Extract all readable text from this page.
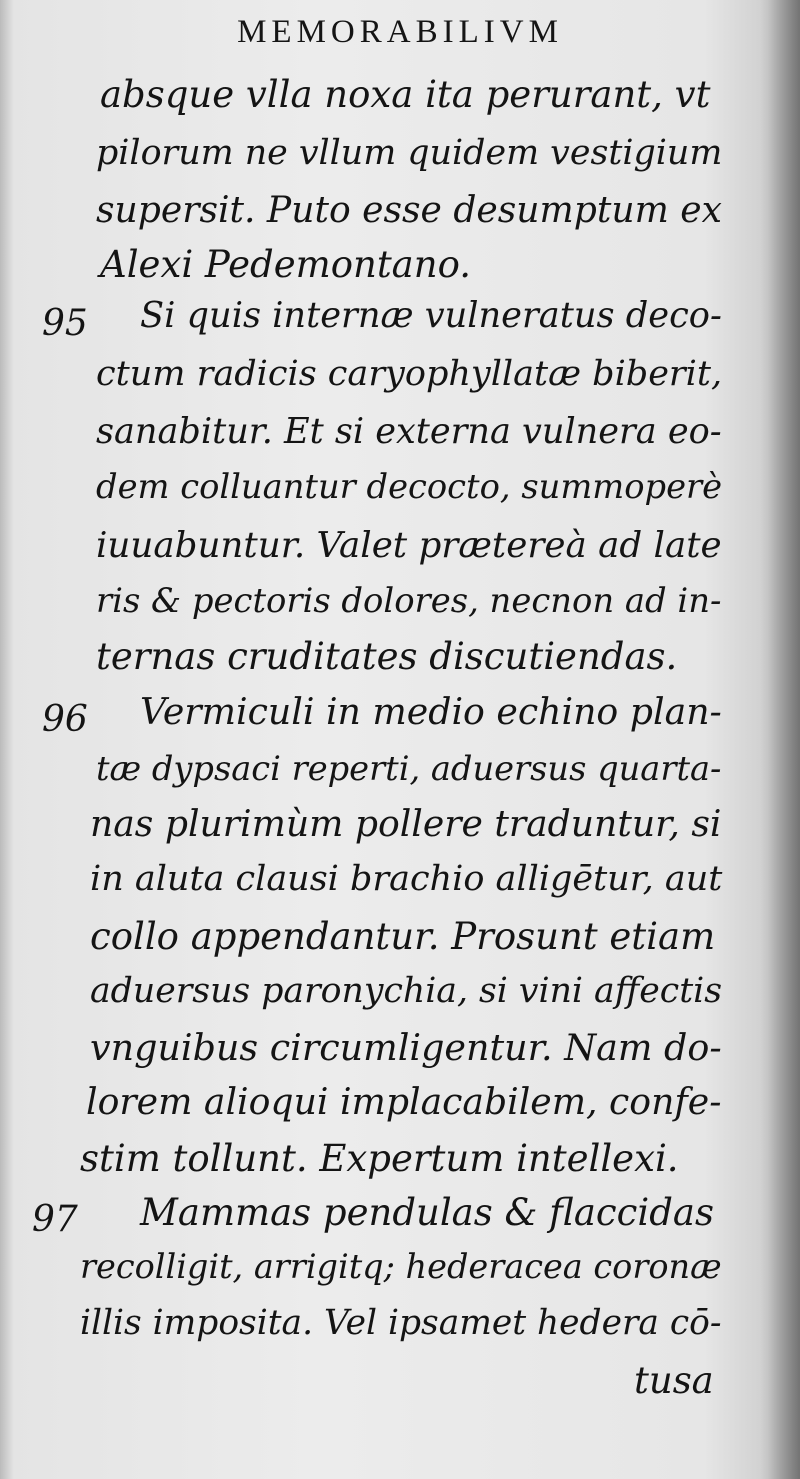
MEMORABILIVM
absque vlla noxa ita perurant, vt
pilorum ne vllum quidem vestigium
supersit. Puto esse desumptum ex
Alexi Pedemontano.
95 Si quis internæ vulneratus deco-
ctum radicis caryophyllatæ biberit,
sanabitur. Et si externa vulnera eo-
dem colluantur decocto, summoperè
iuuabuntur. Valet prætereà ad late
ris & pectoris dolores, necnon ad in-
ternas cruditates discutiendas.
96 Vermiculi in medio echino plan-
tæ dypsaci reperti, aduersus quarta-
nas plurimùm pollere traduntur, si
in aluta clausi brachio alligētur, aut
collo appendantur. Prosunt etiam
aduersus paronychia, si vini affectis
vnguibus circumligentur. Nam do-
lorem alioqui implacabilem, confe-
stim tollunt. Expertum intellexi.
97 Mammas pendulas & flaccidas
recolligit, arrigitq; hederacea coronæ
illis imposita. Vel ipsamet hedera cō-
tusa
